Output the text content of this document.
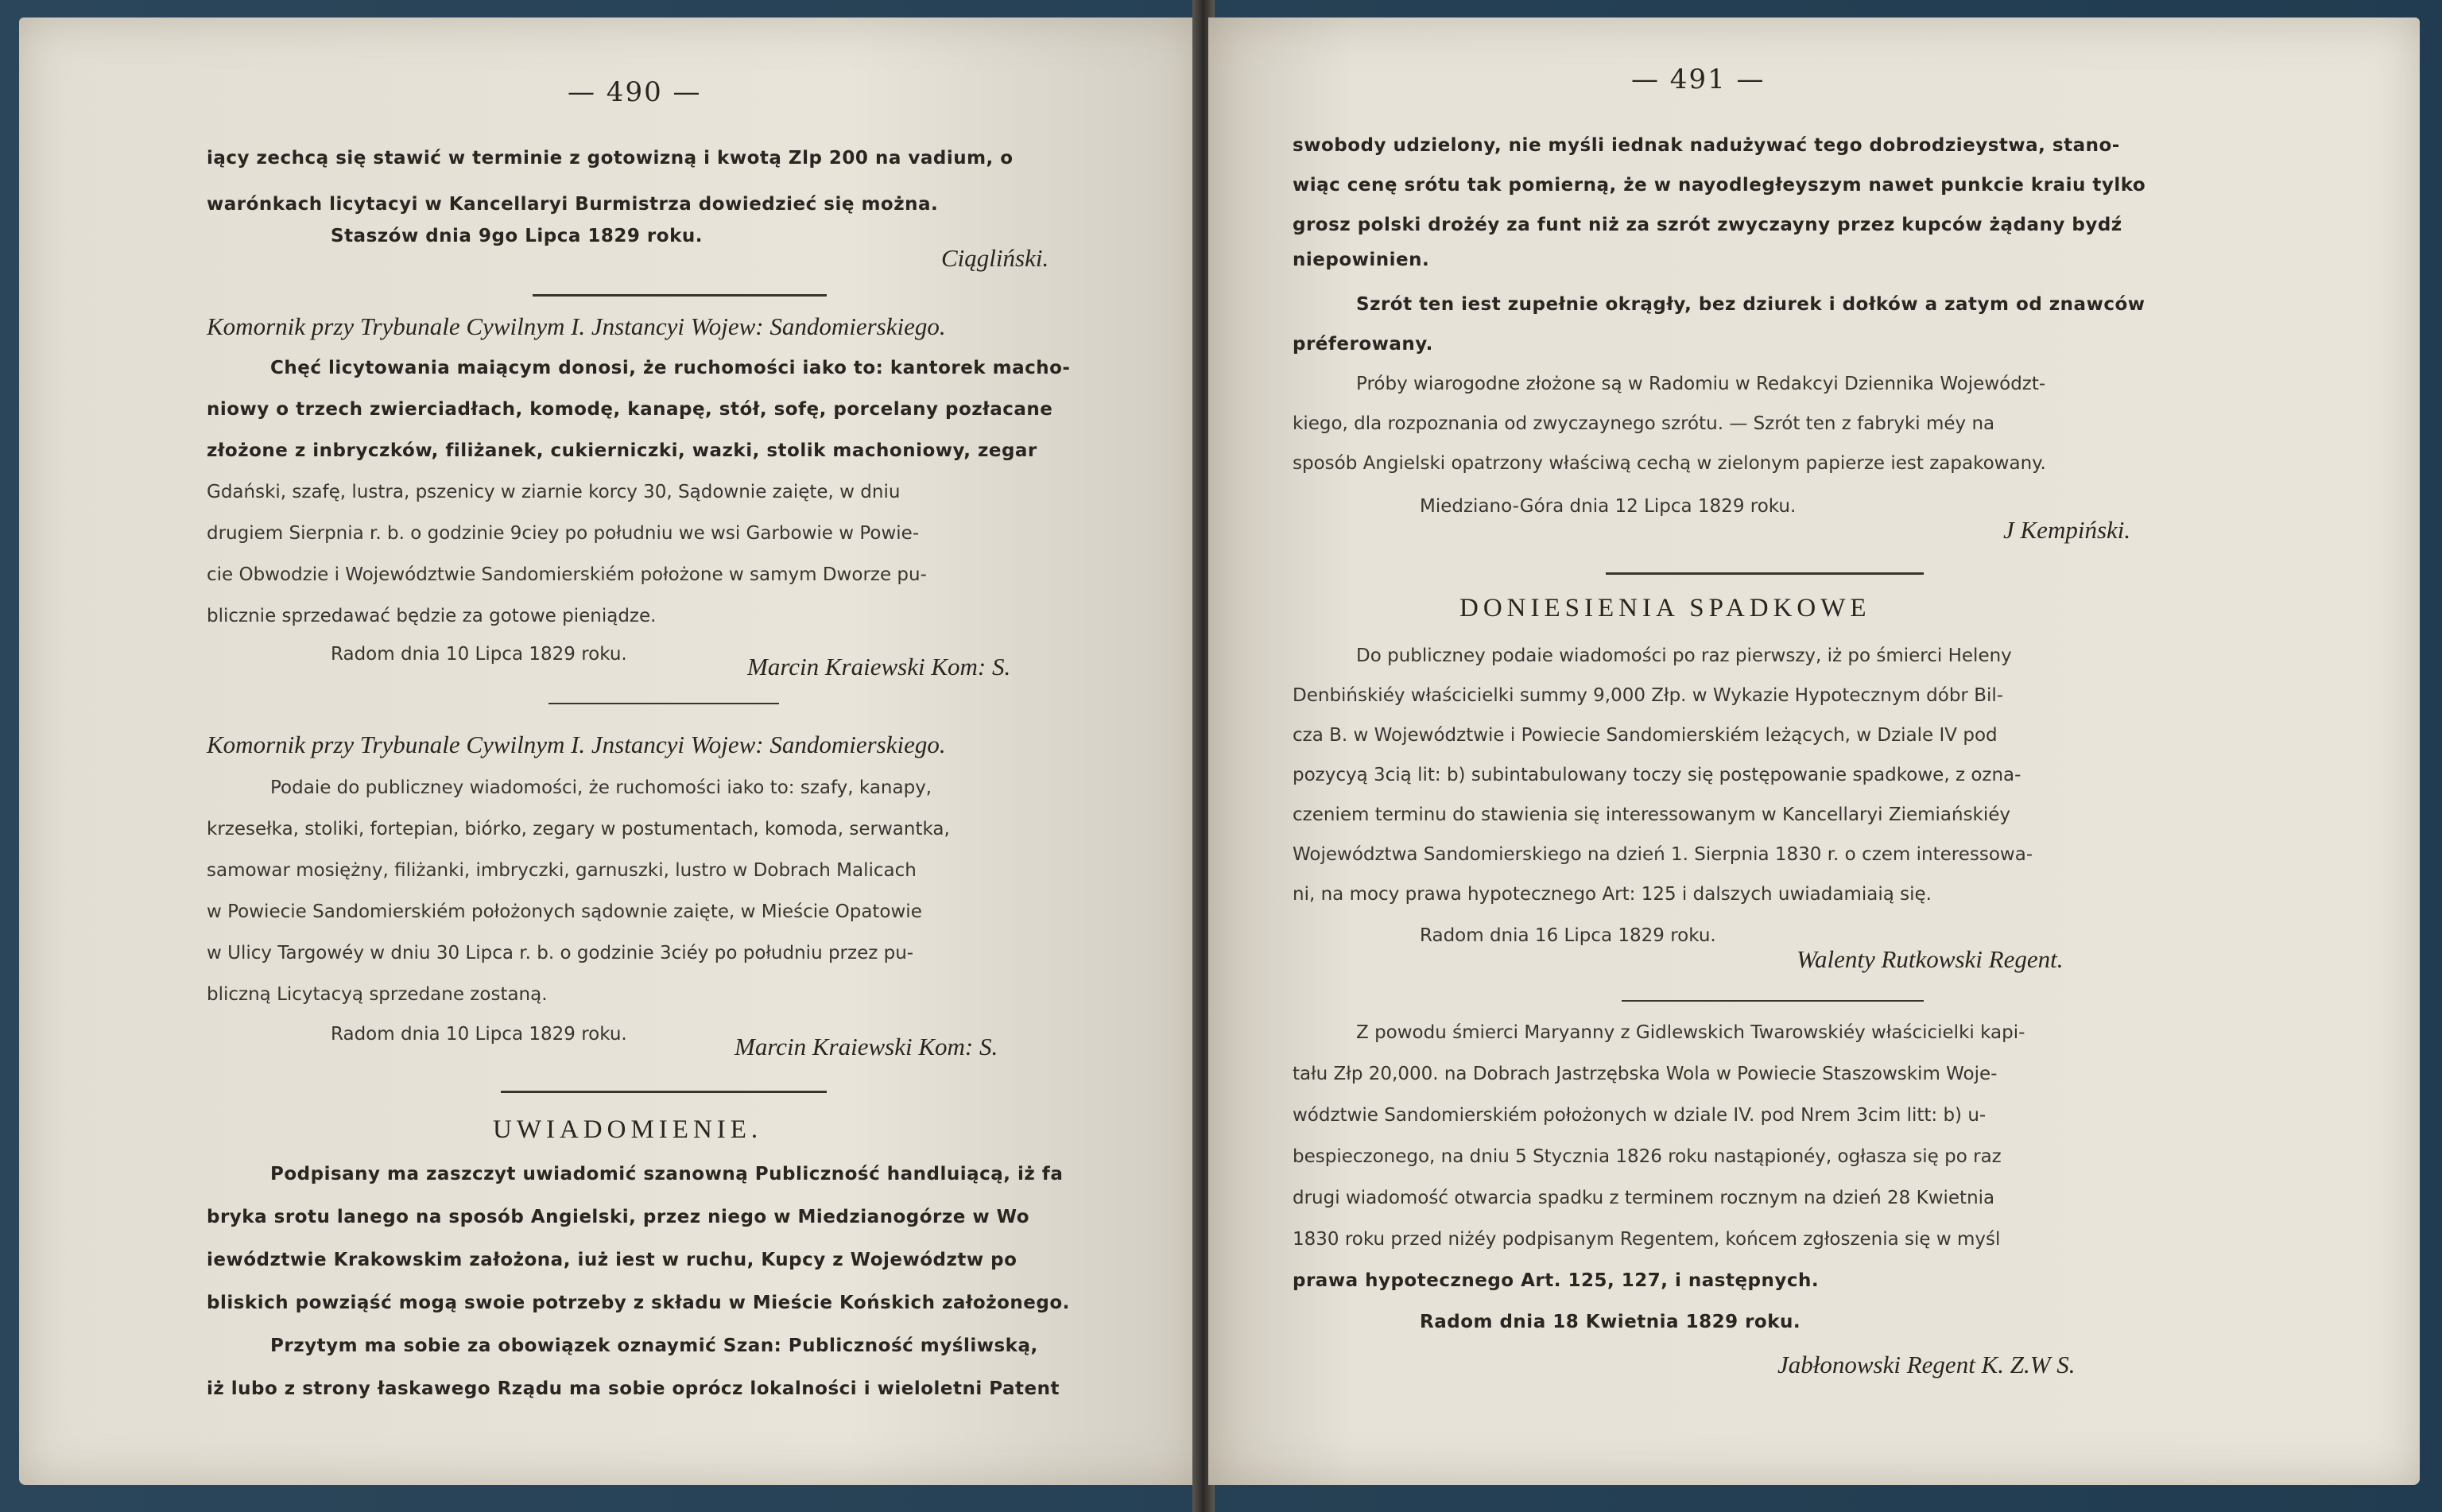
— 490 —
iący zechcą się stawić w terminie z gotowizną i kwotą Zlp 200 na vadium, o
warónkach licytacyi w Kancellaryi Burmistrza dowiedzieć się można.
Staszów dnia 9go Lipca 1829 roku.
Ciągliński.
Komornik przy Trybunale Cywilnym I. Jnstancyi Wojew: Sandomierskiego.
Chęć licytowania maiącym donosi, że ruchomości iako to: kantorek macho-
niowy o trzech zwierciadłach, komodę, kanapę, stół, sofę, porcelany pozłacane
złożone z inbryczków, filiżanek, cukierniczki, wazki, stolik machoniowy, zegar
Gdański, szafę, lustra, pszenicy w ziarnie korcy 30, Sądownie zaięte, w dniu
drugiem Sierpnia r. b. o godzinie 9ciey po południu we wsi Garbowie w Powie-
cie Obwodzie i Województwie Sandomierskiém położone w samym Dworze pu-
blicznie sprzedawać będzie za gotowe pieniądze.
Radom dnia 10 Lipca 1829 roku.	Marcin Kraiewski Kom: S.
Komornik przy Trybunale Cywilnym I. Jnstancyi Wojew: Sandomierskiego.
Podaie do publiczney wiadomości, że ruchomości iako to: szafy, kanapy,
krzesełka, stoliki, fortepian, biórko, zegary w postumentach, komoda, serwantka,
samowar mosiężny, filiżanki, imbryczki, garnuszki, lustro w Dobrach Malicach
w Powiecie Sandomierskiém położonych sądownie zaięte, w Mieście Opatowie
w Ulicy Targowéy w dniu 30 Lipca r. b. o godzinie 3ciéy po południu przez pu-
bliczną Licytacyą sprzedane zostaną.
Radom dnia 10 Lipca 1829 roku.	Marcin Kraiewski Kom: S.
UWIADOMIENIE.
Podpisany ma zaszczyt uwiadomić szanowną Publiczność handluiącą, iż fa
bryka srotu lanego na sposób Angielski, przez niego w Miedzianogórze w Wo
iewództwie Krakowskim założona, iuż iest w ruchu, Kupcy z Województw po
bliskich powziąść mogą swoie potrzeby z składu w Mieście Końskich założonego.
Przytym ma sobie za obowiązek oznaymić Szan: Publiczność myśliwską,
iż lubo z strony łaskawego Rządu ma sobie oprócz lokalności i wieloletni Patent
— 491 —
swobody udzielony, nie myśli iednak nadużywać tego dobrodzieystwa, stano-
wiąc cenę srótu tak pomierną, że w nayodległeyszym nawet punkcie kraiu tylko
grosz polski drożéy za funt niż za szrót zwyczayny przez kupców żądany bydź
niepowinien.
Szrót ten iest zupełnie okrągły, bez dziurek i dołków a zatym od znawców
préferowany.
Próby wiarogodne złożone są w Radomiu w Redakcyi Dziennika Województ-
kiego, dla rozpoznania od zwyczaynego szrótu. — Szrót ten z fabryki méy na
sposób Angielski opatrzony właściwą cechą w zielonym papierze iest zapakowany.
Miedziano-Góra dnia 12 Lipca 1829 roku.
J Kempiński.
DONIESIENIA SPADKOWE
Do publiczney podaie wiadomości po raz pierwszy, iż po śmierci Heleny
Denbińskiéy właścicielki summy 9,000 Złp. w Wykazie Hypotecznym dóbr Bil-
cza B. w Województwie i Powiecie Sandomierskiém leżących, w Dziale IV pod
pozycyą 3cią lit: b) subintabulowany toczy się postępowanie spadkowe, z ozna-
czeniem terminu do stawienia się interessowanym w Kancellaryi Ziemiańskiéy
Województwa Sandomierskiego na dzień 1. Sierpnia 1830 r. o czem interessowa-
ni, na mocy prawa hypotecznego Art: 125 i dalszych uwiadamiaią się.
Radom dnia 16 Lipca 1829 roku.
Walenty Rutkowski Regent.
Z powodu śmierci Maryanny z Gidlewskich Twarowskiéy właścicielki kapi-
tału Złp 20,000. na Dobrach Jastrzębska Wola w Powiecie Staszowskim Woje-
wództwie Sandomierskiém położonych w dziale IV. pod Nrem 3cim litt: b) u-
bespieczonego, na dniu 5 Stycznia 1826 roku nastąpionéy, ogłasza się po raz
drugi wiadomość otwarcia spadku z terminem rocznym na dzień 28 Kwietnia
1830 roku przed niżéy podpisanym Regentem, końcem zgłoszenia się w myśl
prawa hypotecznego Art. 125, 127, i następnych.
Radom dnia 18 Kwietnia 1829 roku.
Jabłonowski Regent K. Z.W S.
